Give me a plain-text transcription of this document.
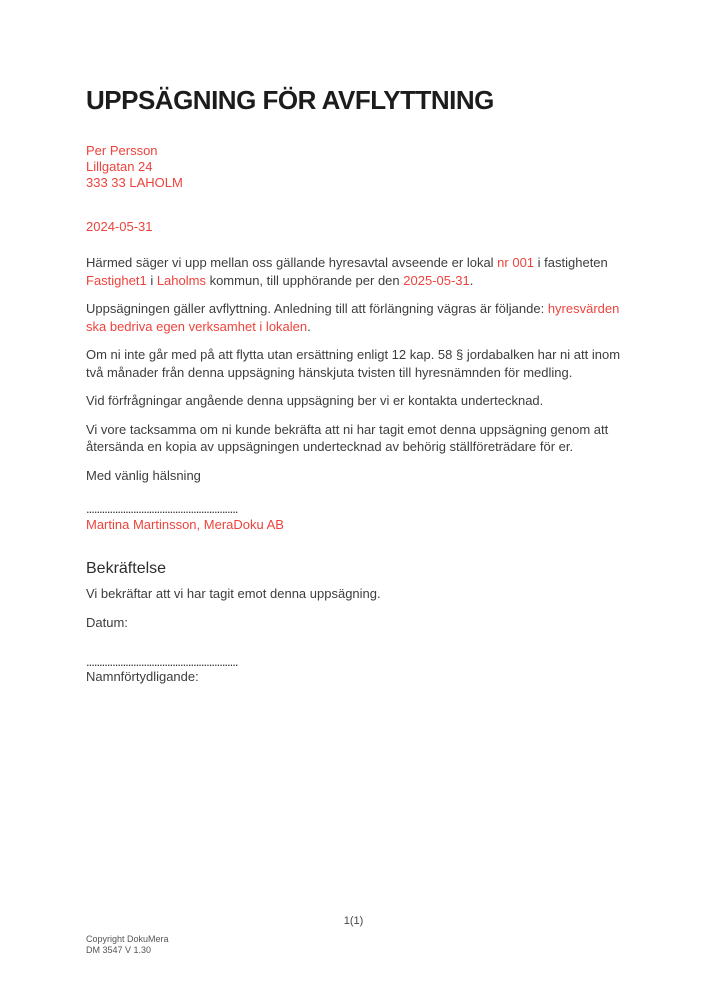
UPPSÄGNING FÖR AVFLYTTNING
Per Persson
Lillgatan 24
333 33 LAHOLM
2024-05-31

Härmed säger vi upp mellan oss gällande hyresavtal avseende er lokal nr 001 i fastigheten Fastighet1 i Laholms kommun, till upphörande per den 2025-05-31.

Uppsägningen gäller avflyttning. Anledning till att förlängning vägras är följande: hyresvärden ska bedriva egen verksamhet i lokalen.

Om ni inte går med på att flytta utan ersättning enligt 12 kap. 58 § jordabalken har ni att inom två månader från denna uppsägning hänskjuta tvisten till hyresnämnden för medling.

Vid förfrågningar angående denna uppsägning ber vi er kontakta undertecknad.

Vi vore tacksamma om ni kunde bekräfta att ni har tagit emot denna uppsägning genom att återsända en kopia av uppsägningen undertecknad av behörig ställföreträdare för er.

Med vänlig hälsning

..........................................................
Martina Martinsson, MeraDoku AB
Bekräftelse
Vi bekräftar att vi har tagit emot denna uppsägning.
Datum:
..........................................................
Namnförtydligande:
1(1)
Copyright DokuMera
DM 3547 V 1.30
